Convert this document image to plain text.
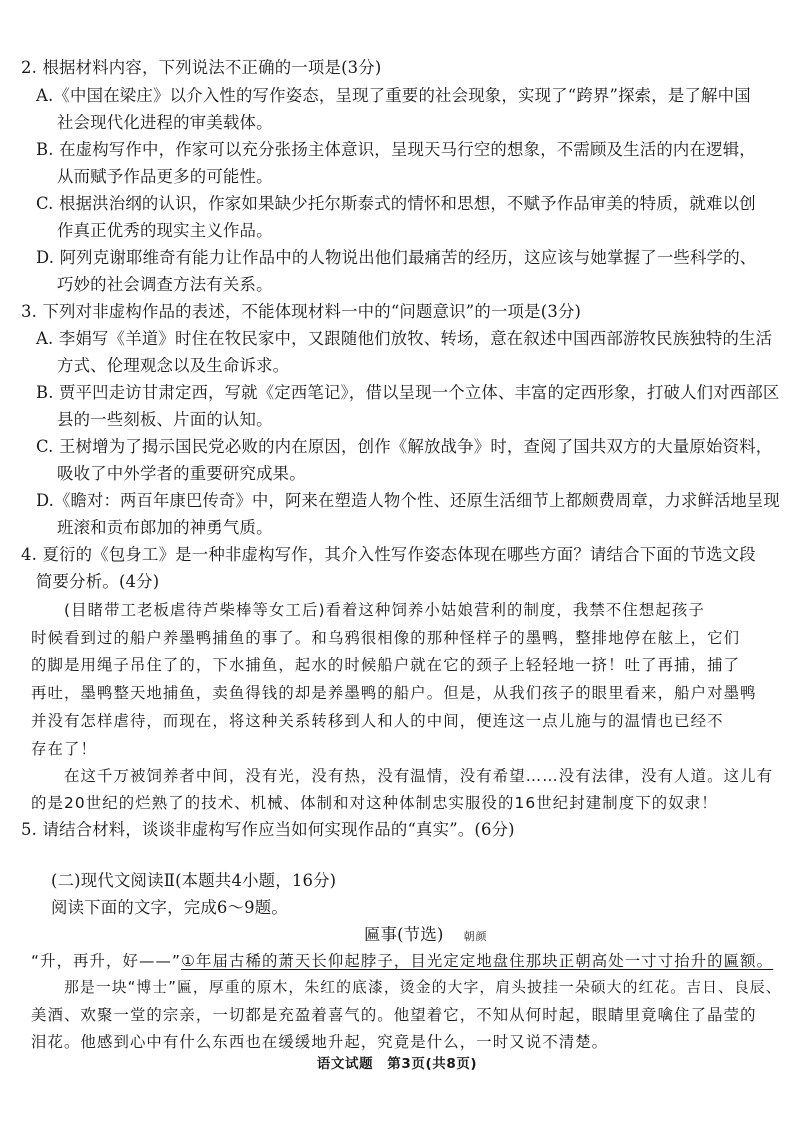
2. 根据材料内容，下列说法不正确的一项是(3分)
A.《中国在梁庄》以介入性的写作姿态，呈现了重要的社会现象，实现了“跨界”探索，是了解中国
社会现代化进程的审美载体。
B. 在虚构写作中，作家可以充分张扬主体意识，呈现天马行空的想象，不需顾及生活的内在逻辑，
从而赋予作品更多的可能性。
C. 根据洪治纲的认识，作家如果缺少托尔斯泰式的情怀和思想，不赋予作品审美的特质，就难以创
作真正优秀的现实主义作品。
D. 阿列克谢耶维奇有能力让作品中的人物说出他们最痛苦的经历，这应该与她掌握了一些科学的、
巧妙的社会调查方法有关系。
3. 下列对非虚构作品的表述，不能体现材料一中的“问题意识”的一项是(3分)
A. 李娟写《羊道》时住在牧民家中，又跟随他们放牧、转场，意在叙述中国西部游牧民族独特的生活
方式、伦理观念以及生命诉求。
B. 贾平凹走访甘肃定西，写就《定西笔记》，借以呈现一个立体、丰富的定西形象，打破人们对西部区
县的一些刻板、片面的认知。
C. 王树增为了揭示国民党必败的内在原因，创作《解放战争》时，查阅了国共双方的大量原始资料，
吸收了中外学者的重要研究成果。
D.《瞻对：两百年康巴传奇》中，阿来在塑造人物个性、还原生活细节上都颇费周章，力求鲜活地呈现
班滚和贡布郎加的神勇气质。
4. 夏衍的《包身工》是一种非虚构写作，其介入性写作姿态体现在哪些方面？请结合下面的节选文段
简要分析。(4分)
(目睹带工老板虐待芦柴棒等女工后)看着这种饲养小姑娘营利的制度，我禁不住想起孩子
时候看到过的船户养墨鸭捕鱼的事了。和乌鸦很相像的那种怪样子的墨鸭，整排地停在舷上，它们
的脚是用绳子吊住了的，下水捕鱼，起水的时候船户就在它的颈子上轻轻地一挤！吐了再捕，捕了
再吐，墨鸭整天地捕鱼，卖鱼得钱的却是养墨鸭的船户。但是，从我们孩子的眼里看来，船户对墨鸭
并没有怎样虐待，而现在，将这种关系转移到人和人的中间，便连这一点儿施与的温情也已经不
存在了！
在这千万被饲养者中间，没有光，没有热，没有温情，没有希望……没有法律，没有人道。这儿有
的是20世纪的烂熟了的技术、机械、体制和对这种体制忠实服役的16世纪封建制度下的奴隶！
5. 请结合材料，谈谈非虚构写作应当如何实现作品的“真实”。(6分)
(二)现代文阅读Ⅱ(本题共4小题，16分)
阅读下面的文字，完成6～9题。
匾事(节选) 朝颜
“升，再升，好——”①年届古稀的萧天长仰起脖子，目光定定地盘住那块正朝高处一寸寸抬升的匾额。
那是一块“博士”匾，厚重的原木，朱红的底漆，烫金的大字，肩头披挂一朵硕大的红花。吉日、良辰、
美酒、欢聚一堂的宗亲，一切都是充盈着喜气的。他望着它，不知从何时起，眼睛里竟噙住了晶莹的
泪花。他感到心中有什么东西也在缓缓地升起，究竟是什么，一时又说不清楚。
语文试题　第3页(共8页)
